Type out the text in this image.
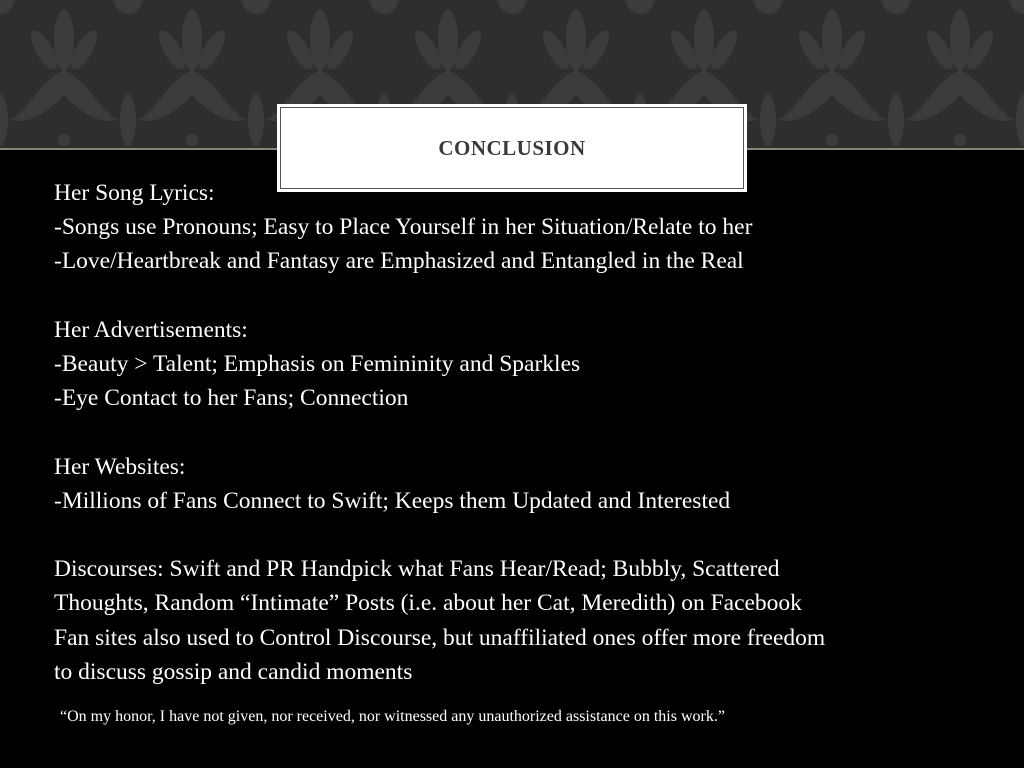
CONCLUSION
Her Song Lyrics:
-Songs use Pronouns; Easy to Place Yourself in her Situation/Relate to her
-Love/Heartbreak and Fantasy are Emphasized and Entangled in the Real
Her Advertisements:
-Beauty > Talent; Emphasis on Femininity and Sparkles
-Eye Contact to her Fans; Connection
Her Websites:
-Millions of Fans Connect to Swift; Keeps them Updated and Interested
Discourses: Swift and PR Handpick what Fans Hear/Read; Bubbly, Scattered
Thoughts, Random “Intimate” Posts (i.e. about her Cat, Meredith) on Facebook
Fan sites also used to Control Discourse, but unaffiliated ones offer more freedom
to discuss gossip and candid moments
“On my honor, I have not given, nor received, nor witnessed any unauthorized assistance on this work.”
